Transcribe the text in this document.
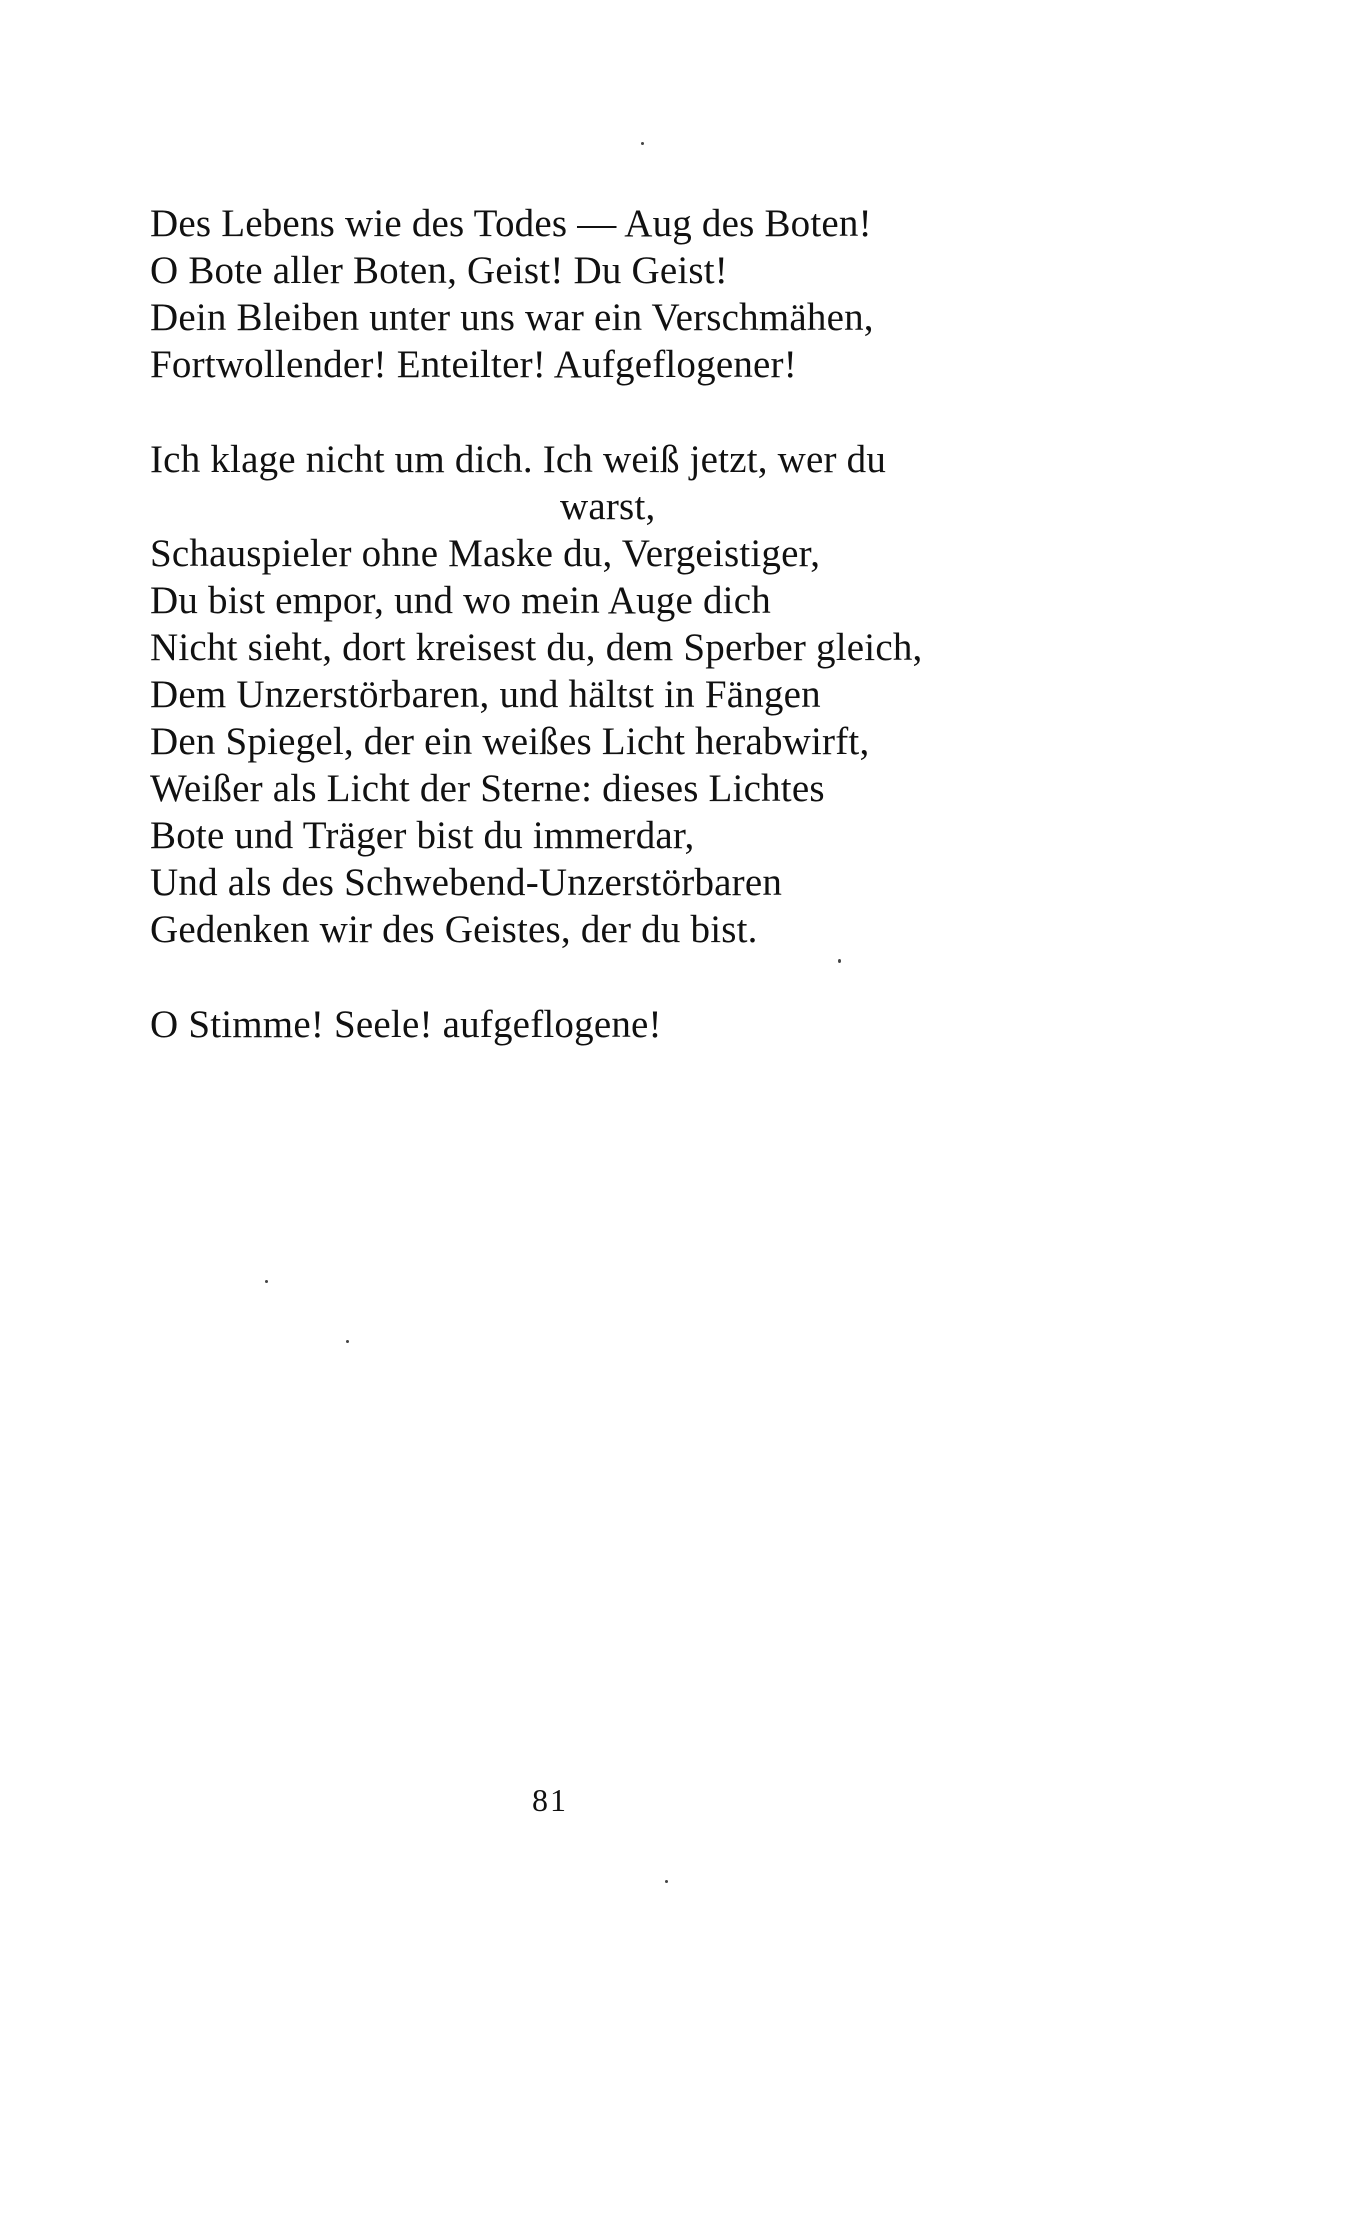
Des Lebens wie des Todes — Aug des Boten!
O Bote aller Boten, Geist! Du Geist!
Dein Bleiben unter uns war ein Verschmähen,
Fortwollender! Enteilter! Aufgeflogener!
Ich klage nicht um dich. Ich weiß jetzt, wer du
warst,
Schauspieler ohne Maske du, Vergeistiger,
Du bist empor, und wo mein Auge dich
Nicht sieht, dort kreisest du, dem Sperber gleich,
Dem Unzerstörbaren, und hältst in Fängen
Den Spiegel, der ein weißes Licht herabwirft,
Weißer als Licht der Sterne: dieses Lichtes
Bote und Träger bist du immerdar,
Und als des Schwebend-Unzerstörbaren
Gedenken wir des Geistes, der du bist.
O Stimme! Seele! aufgeflogene!
81
